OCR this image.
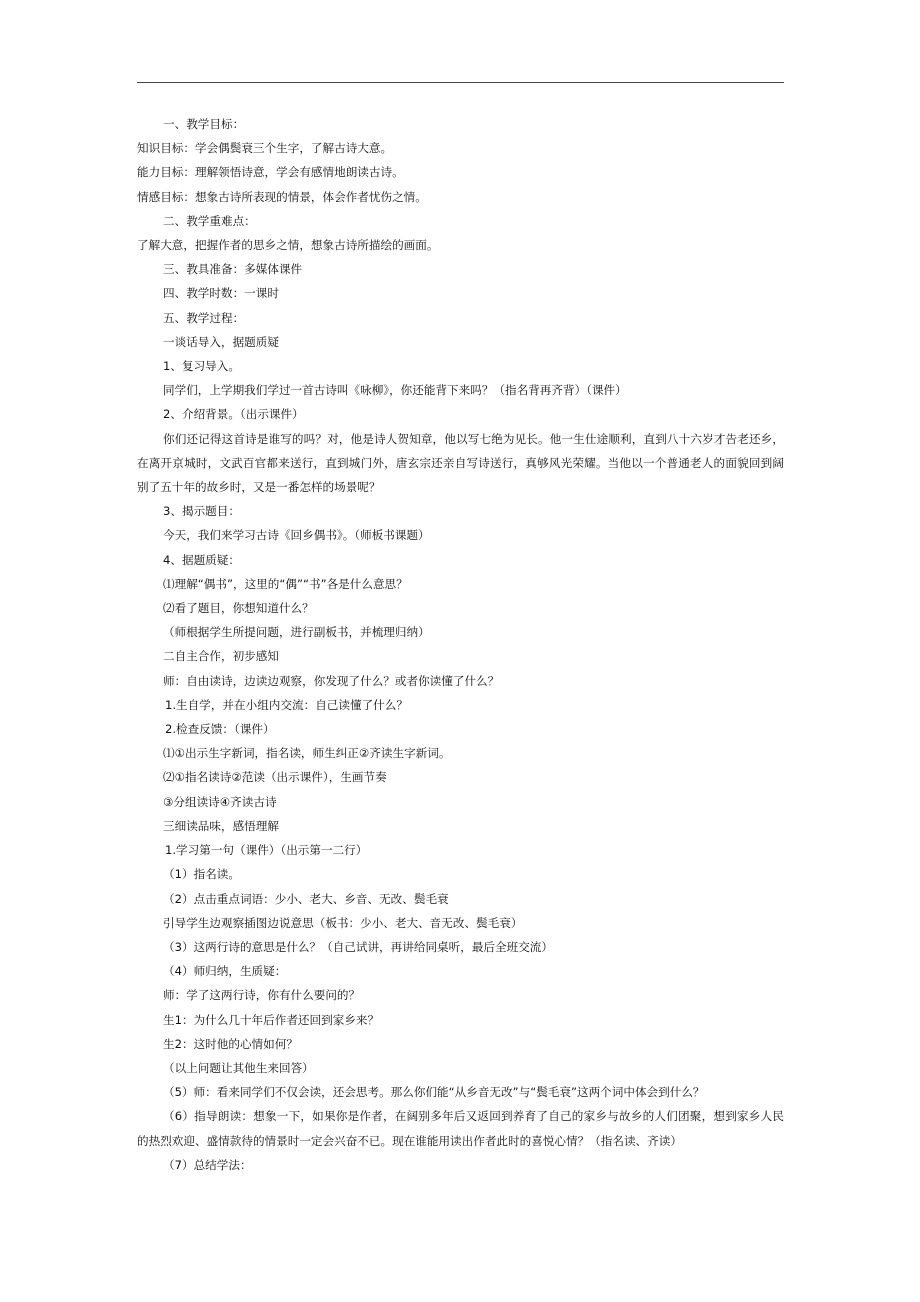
一、教学目标：
知识目标：学会偶鬓衰三个生字，了解古诗大意。
能力目标：理解领悟诗意，学会有感情地朗读古诗。
情感目标：想象古诗所表现的情景，体会作者忧伤之情。
二、教学重难点：
了解大意，把握作者的思乡之情，想象古诗所描绘的画面。
三、教具准备：多媒体课件
四、教学时数：一课时
五、教学过程：
一谈话导入，据题质疑
1、复习导入。
同学们，上学期我们学过一首古诗叫《咏柳》，你还能背下来吗？（指名背再齐背）（课件）
2、介绍背景。（出示课件）
你们还记得这首诗是谁写的吗？对，他是诗人贺知章，他以写七绝为见长。他一生仕途顺利，直到八十六岁才告老还乡，在离开京城时，文武百官都来送行，直到城门外，唐玄宗还亲自写诗送行，真够风光荣耀。当他以一个普通老人的面貌回到阔别了五十年的故乡时，又是一番怎样的场景呢？
3、揭示题目：
今天，我们来学习古诗《回乡偶书》。（师板书课题）
4、据题质疑：
⑴理解“偶书”，这里的“偶”“书”各是什么意思？
⑵看了题目，你想知道什么？
（师根据学生所提问题，进行副板书，并梳理归纳）
二自主合作，初步感知
师：自由读诗，边读边观察，你发现了什么？或者你读懂了什么？
1.生自学，并在小组内交流：自己读懂了什么？
2.检查反馈：（课件）
⑴①出示生字新词，指名读，师生纠正②齐读生字新词。
⑵①指名读诗②范读（出示课件），生画节奏
③分组读诗④齐读古诗
三细读品味，感悟理解
1.学习第一句（课件）（出示第一二行）
（1）指名读。
（2）点击重点词语：少小、老大、乡音、无改、鬓毛衰
引导学生边观察插图边说意思（板书：少小、老大、音无改、鬓毛衰）
（3）这两行诗的意思是什么？（自己试讲，再讲给同桌听，最后全班交流）
（4）师归纳，生质疑：
师：学了这两行诗，你有什么要问的？
生1：为什么几十年后作者还回到家乡来？
生2：这时他的心情如何？
（以上问题让其他生来回答）
（5）师：看来同学们不仅会读，还会思考。那么你们能“从乡音无改”与“鬓毛衰”这两个词中体会到什么？
（6）指导朗读：想象一下，如果你是作者，在阔别多年后又返回到养育了自己的家乡与故乡的人们团聚，想到家乡人民的热烈欢迎、盛情款待的情景时一定会兴奋不已。现在谁能用读出作者此时的喜悦心情？（指名读、齐读）
（7）总结学法：
